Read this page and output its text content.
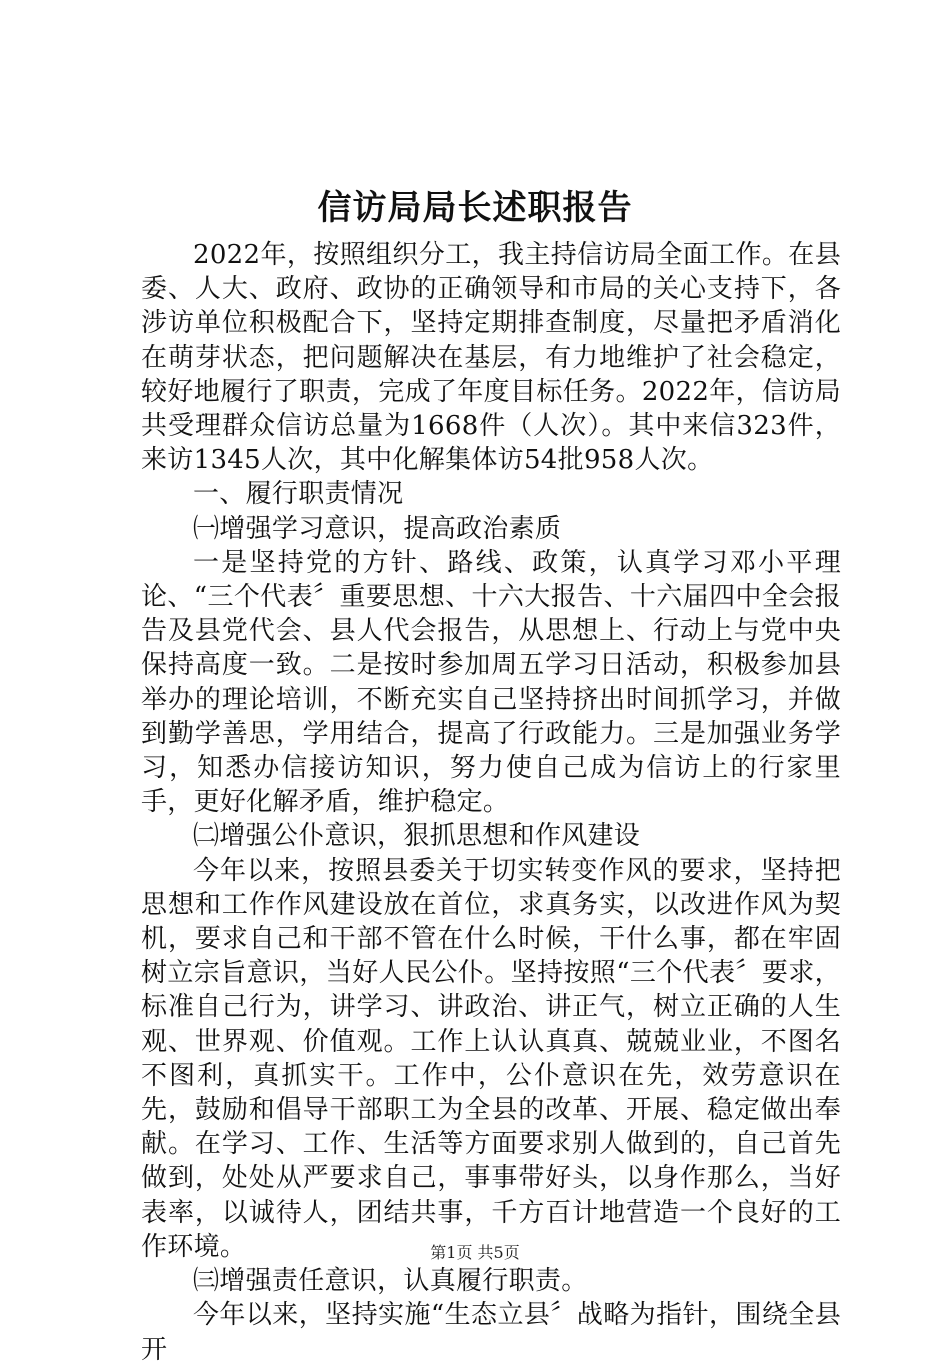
信访局局长述职报告

2022年，按照组织分工，我主持信访局全面工作。在县委、人大、政府、政协的正确领导和市局的关心支持下，各涉访单位积极配合下，坚持定期排查制度，尽量把矛盾消化在萌芽状态，把问题解决在基层，有力地维护了社会稳定，较好地履行了职责，完成了年度目标任务。2022年，信访局共受理群众信访总量为1668件（人次）。其中来信323件，来访1345人次，其中化解集体访54批958人次。

一、履行职责情况

㈠增强学习意识，提高政治素质

一是坚持党的方针、路线、政策，认真学习邓小平理论、“三个代表〞重要思想、十六大报告、十六届四中全会报告及县党代会、县人代会报告，从思想上、行动上与党中央保持高度一致。二是按时参加周五学习日活动，积极参加县举办的理论培训，不断充实自己坚持挤出时间抓学习，并做到勤学善思，学用结合，提高了行政能力。三是加强业务学习，知悉办信接访知识，努力使自己成为信访上的行家里手，更好化解矛盾，维护稳定。

㈡增强公仆意识，狠抓思想和作风建设

今年以来，按照县委关于切实转变作风的要求，坚持把思想和工作作风建设放在首位，求真务实，以改进作风为契机，要求自己和干部不管在什么时候，干什么事，都在牢固树立宗旨意识，当好人民公仆。坚持按照“三个代表〞要求，标准自己行为，讲学习、讲政治、讲正气，树立正确的人生观、世界观、价值观。工作上认认真真、兢兢业业，不图名不图利，真抓实干。工作中，公仆意识在先，效劳意识在先，鼓励和倡导干部职工为全县的改革、开展、稳定做出奉献。在学习、工作、生活等方面要求别人做到的，自己首先做到，处处从严要求自己，事事带好头，以身作那么，当好表率，以诚待人，团结共事，千方百计地营造一个良好的工作环境。

㈢增强责任意识，认真履行职责。

今年以来，坚持实施“生态立县〞战略为指针，围绕全县开

第1页 共5页
